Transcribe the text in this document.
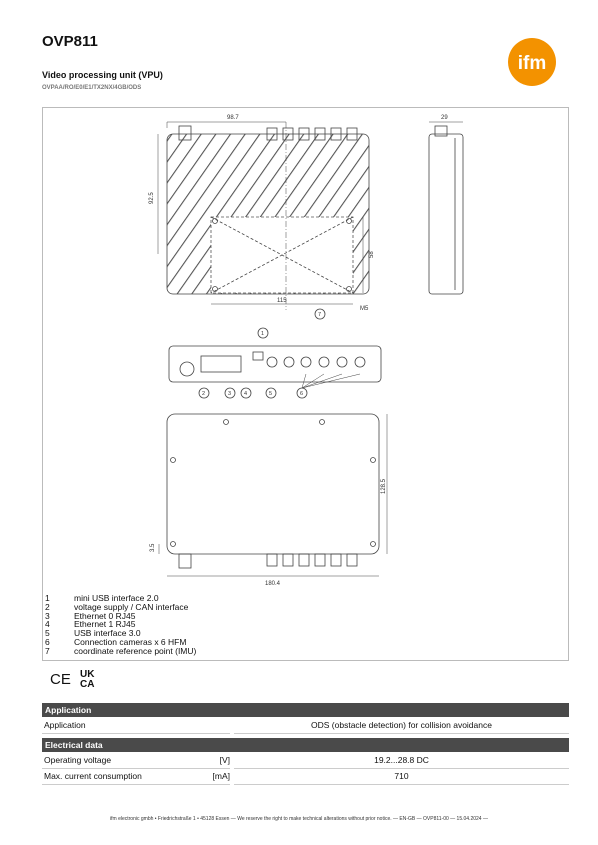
OVP811
Video processing unit (VPU)
OVPAA/RO/E0/E1/TX2NX/4GB/ODS
ifm
98.7
92.5
115
58
M5
7
29
1
2	3 4	5	6
128.5
180.4
3.5
1	mini USB interface 2.0
2	voltage supply / CAN interface
3	Ethernet 0 RJ45
4	Ethernet 1 RJ45
5	USB interface 3.0
6	Connection cameras x 6 HFM
7	coordinate reference point (IMU)
CE UK
CA
Application
Application	ODS (obstacle detection) for collision avoidance
Electrical data
Operating voltage	[V]	19.2...28.8 DC
Max. current consumption	[mA]	710
ifm electronic gmbh • Friedrichstraße 1 • 45128 Essen — We reserve the right to make technical alterations without prior notice. — EN-GB — OVP811-00 — 15.04.2024 —
